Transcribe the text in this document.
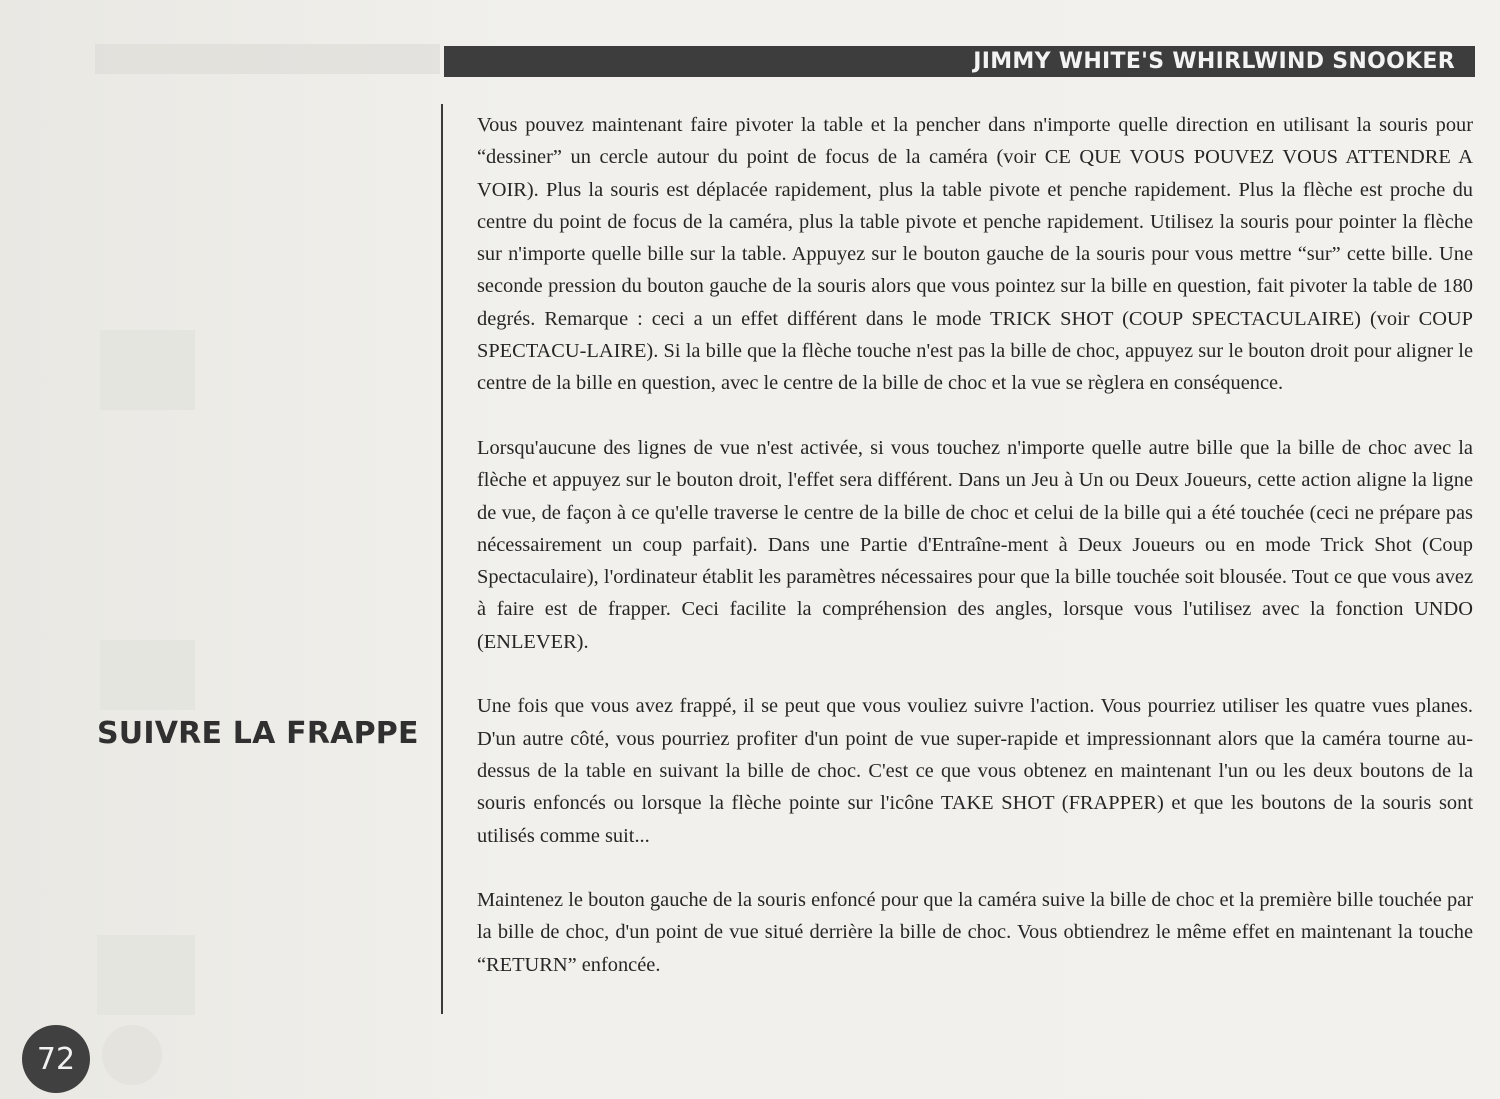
JIMMY WHITE'S WHIRLWIND SNOOKER
SUIVRE LA FRAPPE

Vous pouvez maintenant faire pivoter la table et la pencher dans n'importe quelle direction en utilisant la souris pour “dessiner” un cercle autour du point de focus de la caméra (voir CE QUE VOUS POUVEZ VOUS ATTENDRE A VOIR). Plus la souris est déplacée rapidement, plus la table pivote et penche rapidement. Plus la flèche est proche du centre du point de focus de la caméra, plus la table pivote et penche rapidement. Utilisez la souris pour pointer la flèche sur n'importe quelle bille sur la table. Appuyez sur le bouton gauche de la souris pour vous mettre “sur” cette bille. Une seconde pression du bouton gauche de la souris alors que vous pointez sur la bille en question, fait pivoter la table de 180 degrés. Remarque : ceci a un effet différent dans le mode TRICK SHOT (COUP SPECTACULAIRE) (voir COUP SPECTACU-LAIRE). Si la bille que la flèche touche n'est pas la bille de choc, appuyez sur le bouton droit pour aligner le centre de la bille en question, avec le centre de la bille de choc et la vue se règlera en conséquence.

Lorsqu'aucune des lignes de vue n'est activée, si vous touchez n'importe quelle autre bille que la bille de choc avec la flèche et appuyez sur le bouton droit, l'effet sera différent. Dans un Jeu à Un ou Deux Joueurs, cette action aligne la ligne de vue, de façon à ce qu'elle traverse le centre de la bille de choc et celui de la bille qui a été touchée (ceci ne prépare pas nécessairement un coup parfait). Dans une Partie d'Entraîne-ment à Deux Joueurs ou en mode Trick Shot (Coup Spectaculaire), l'ordinateur établit les paramètres nécessaires pour que la bille touchée soit blousée. Tout ce que vous avez à faire est de frapper. Ceci facilite la compréhension des angles, lorsque vous l'utilisez avec la fonction UNDO (ENLEVER).

Une fois que vous avez frappé, il se peut que vous vouliez suivre l'action. Vous pourriez utiliser les quatre vues planes. D'un autre côté, vous pourriez profiter d'un point de vue super-rapide et impressionnant alors que la caméra tourne au-dessus de la table en suivant la bille de choc. C'est ce que vous obtenez en maintenant l'un ou les deux boutons de la souris enfoncés ou lorsque la flèche pointe sur l'icône TAKE SHOT (FRAPPER) et que les boutons de la souris sont utilisés comme suit...

Maintenez le bouton gauche de la souris enfoncé pour que la caméra suive la bille de choc et la première bille touchée par la bille de choc, d'un point de vue situé derrière la bille de choc. Vous obtiendrez le même effet en maintenant la touche “RETURN” enfoncée.

72
